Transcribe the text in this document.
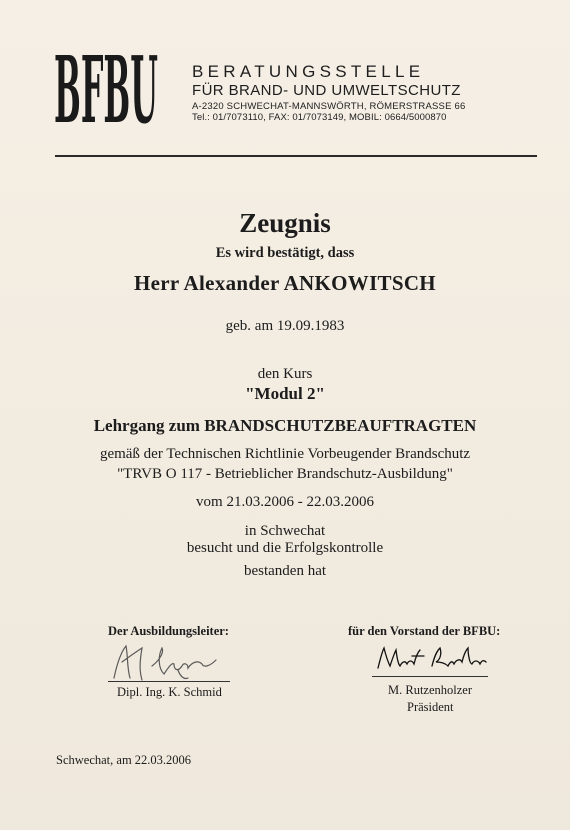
BFBU BERATUNGSSTELLE
FÜR BRAND- UND UMWELTSCHUTZ
A-2320 SCHWECHAT-MANNSWÖRTH, RÖMERSTRASSE 66
Tel.: 01/7073110, FAX: 01/7073149, MOBIL: 0664/5000870
Zeugnis
Es wird bestätigt, dass
Herr Alexander ANKOWITSCH
geb. am 19.09.1983
den Kurs
"Modul 2"
Lehrgang zum BRANDSCHUTZBEAUFTRAGTEN
gemäß der Technischen Richtlinie Vorbeugender Brandschutz
"TRVB O 117 - Betrieblicher Brandschutz-Ausbildung"
vom 21.03.2006 - 22.03.2006
in Schwechat
besucht und die Erfolgskontrolle
bestanden hat
Der Ausbildungsleiter:	für den Vorstand der BFBU:
Dipl. Ing. K. Schmid	M. Rutzenholzer
Präsident
Schwechat, am 22.03.2006
